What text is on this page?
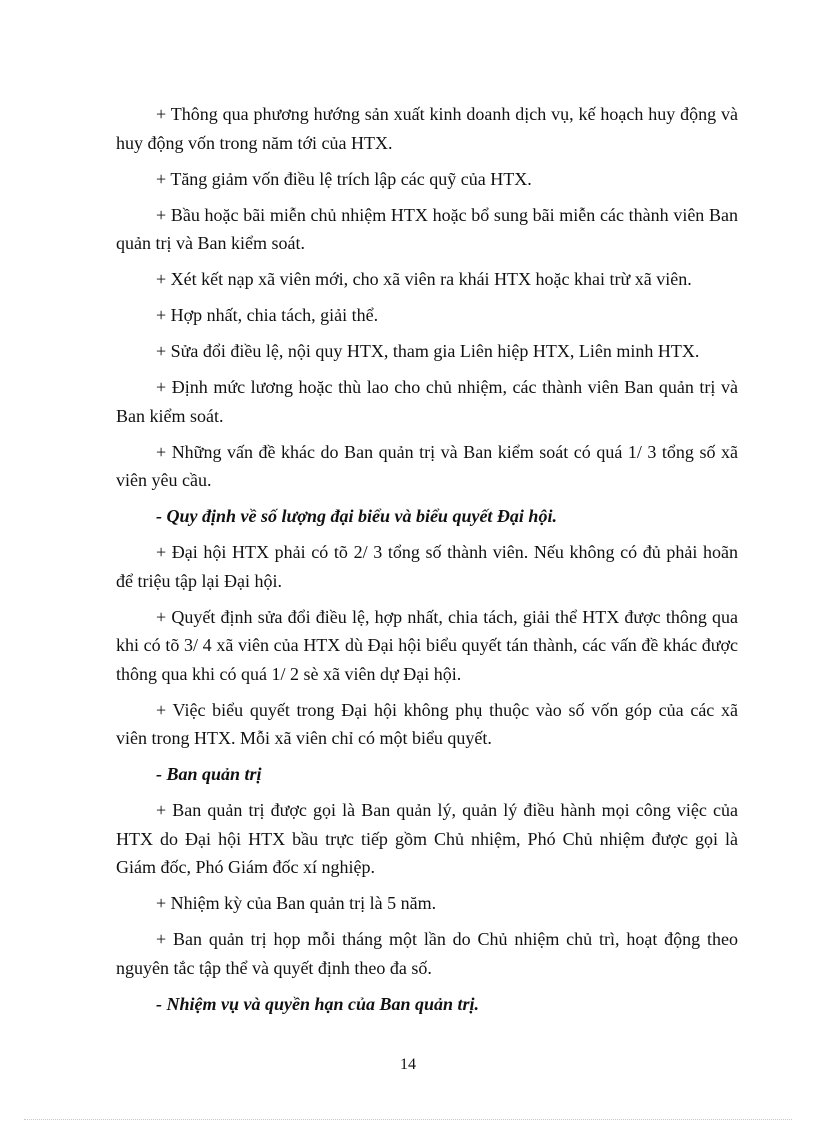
+ Thông qua phương hướng sản xuất kinh doanh dịch vụ, kế hoạch huy động và huy động vốn trong năm tới của HTX.

+ Tăng giảm vốn điều lệ trích lập các quỹ của HTX.

+ Bầu hoặc bãi miễn chủ nhiệm HTX hoặc bổ sung bãi miễn các thành viên Ban quản trị và Ban kiểm soát.

+ Xét kết nạp xã viên mới, cho xã viên ra khái HTX hoặc khai trừ xã viên.

+ Hợp nhất, chia tách, giải thể.

+ Sửa đổi điều lệ, nội quy HTX, tham gia Liên hiệp HTX, Liên minh HTX.

+ Định mức lương hoặc thù lao cho chủ nhiệm, các thành viên Ban quản trị và Ban kiểm soát.

+ Những vấn đề khác do Ban quản trị và Ban kiểm soát có quá 1/ 3 tổng số xã viên yêu cầu.

- Quy định về số lượng đại biểu và biểu quyết Đại hội.

+ Đại hội HTX phải có tõ 2/ 3 tổng số thành viên. Nếu không có đủ phải hoãn để triệu tập lại Đại hội.

+ Quyết định sửa đổi điều lệ, hợp nhất, chia tách, giải thể HTX được thông qua khi có tõ 3/ 4 xã viên của HTX dù Đại hội biểu quyết tán thành, các vấn đề khác được thông qua khi có quá 1/ 2 sè xã viên dự Đại hội.

+ Việc biểu quyết trong Đại hội không phụ thuộc vào số vốn góp của các xã viên trong HTX. Mỗi xã viên chỉ có một biểu quyết.

- Ban quản trị

+ Ban quản trị được gọi là Ban quản lý, quản lý điều hành mọi công việc của HTX do Đại hội HTX bầu trực tiếp gồm Chủ nhiệm, Phó Chủ nhiệm được gọi là Giám đốc, Phó Giám đốc xí nghiệp.

+ Nhiệm kỳ của Ban quản trị là 5 năm.

+ Ban quản trị họp mỗi tháng một lần do Chủ nhiệm chủ trì, hoạt động theo nguyên tắc tập thể và quyết định theo đa số.

- Nhiệm vụ và quyền hạn của Ban quản trị.

14
